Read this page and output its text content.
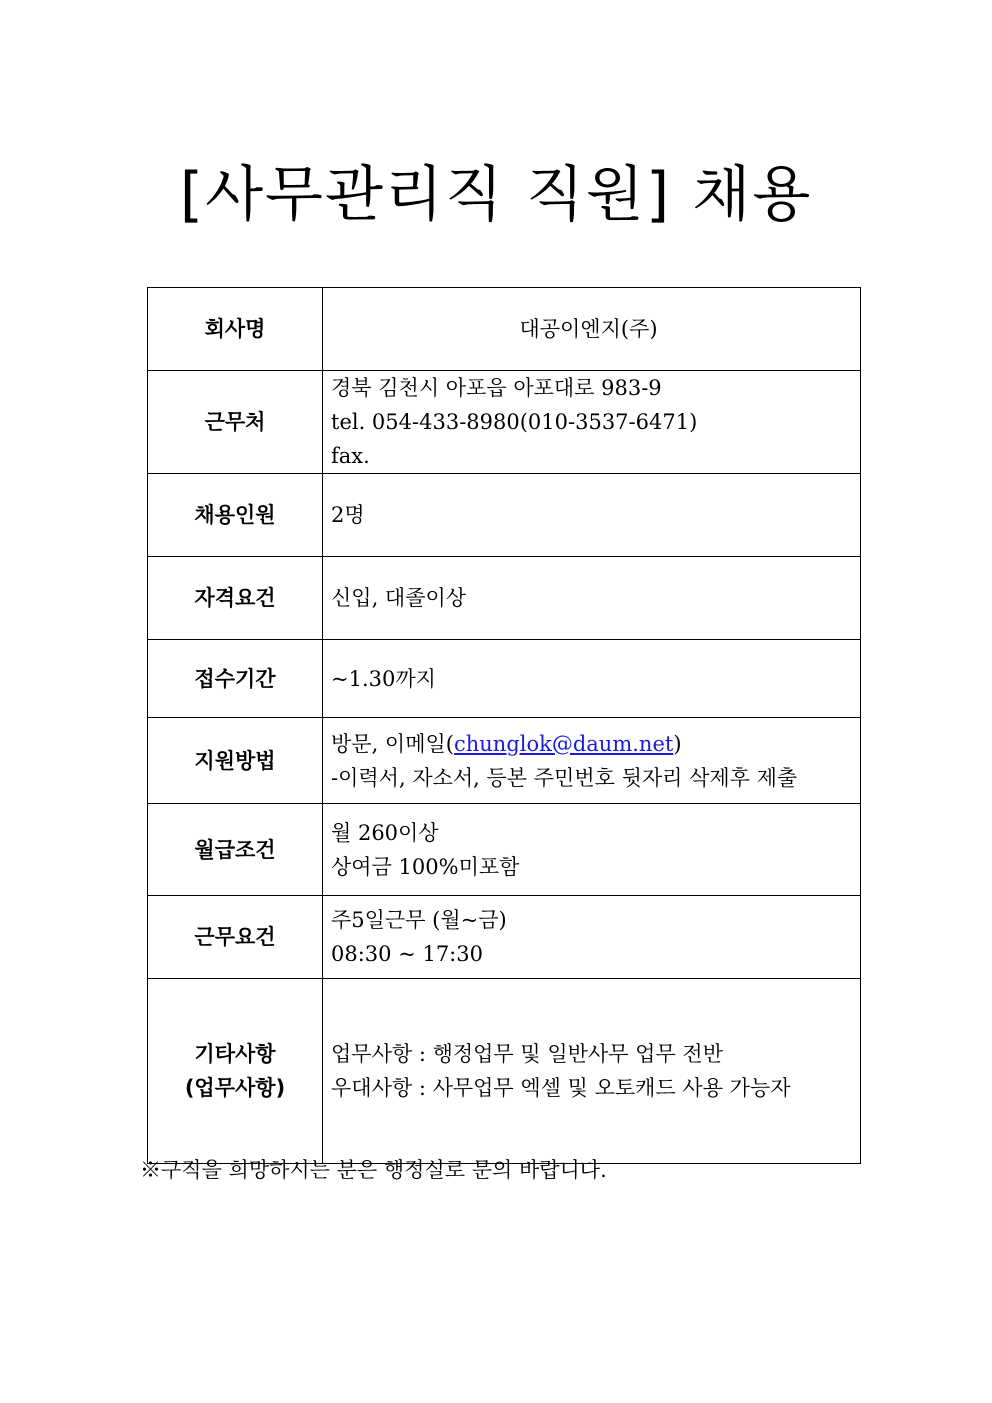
[사무관리직 직원] 채용
회사명	대공이엔지(주)
근무처	경북 김천시 아포읍 아포대로 983-9
tel. 054-433-8980(010-3537-6471)
fax.

채용인원	2명
자격요건	신입, 대졸이상
접수기간	~1.30까지
지원방법	방문, 이메일(chunglok@daum.net)
-이력서, 자소서, 등본 주민번호 뒷자리 삭제후 제출

월급조건	월 260이상
상여금 100%미포함

근무요건	주5일근무 (월~금)
08:30 ~ 17:30

기타사항
(업무사항)	업무사항 : 행정업무 및 일반사무 업무 전반
우대사항 : 사무업무 엑셀 및 오토캐드 사용 가능자

※구직을 희망하시는 분은 행정실로 문의 바랍니다.
